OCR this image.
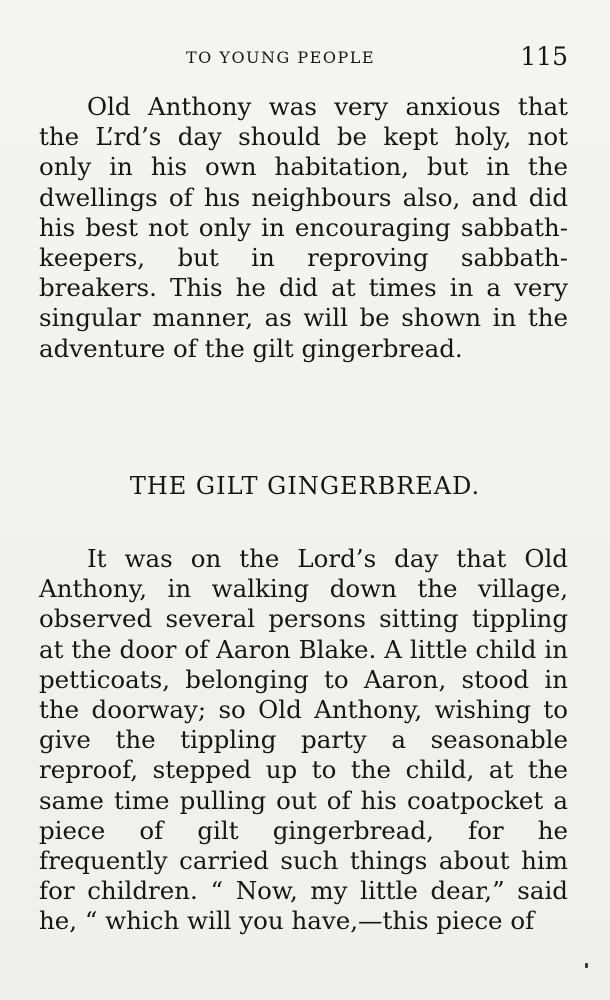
TO YOUNG PEOPLE	115

Old Anthony was very anxious that the L’rd’s day should be kept holy, not only in his own habitation, but in the dwellings of hıs neighbours also, and did his best not only in encouraging sabbath-keepers, but in reproving sabbath-breakers. This he did at times in a very singular manner, as will be shown in the adventure of the gilt gingerbread.

THE GILT GINGERBREAD.

It was on the Lord’s day that Old Anthony, in walking down the village, observed several persons sitting tippling at the door of Aaron Blake. A little child in petticoats, belonging to Aaron, stood in the doorway; so Old Anthony, wishing to give the tippling party a seasonable reproof, stepped up to the child, at the same time pulling out of his coatpocket a piece of gilt gingerbread, for he frequently carried such things about him for children. “ Now, my little dear,” said he, “ which will you have,—this piece of
